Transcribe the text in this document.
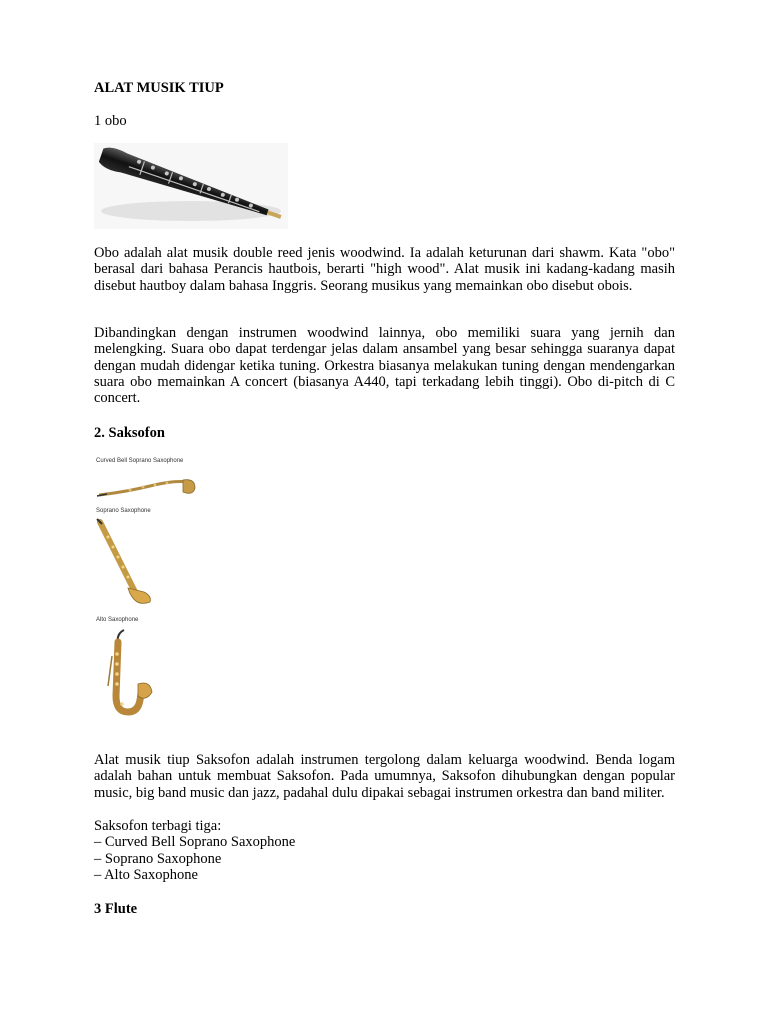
ALAT MUSIK TIUP
1 obo
Obo adalah alat musik double reed jenis woodwind. Ia adalah keturunan dari shawm. Kata "obo" berasal dari bahasa Perancis hautbois, berarti "high wood". Alat musik ini kadang-kadang masih disebut hautboy dalam bahasa Inggris. Seorang musikus yang memainkan obo disebut obois.
Dibandingkan dengan instrumen woodwind lainnya, obo memiliki suara yang jernih dan melengking. Suara obo dapat terdengar jelas dalam ansambel yang besar sehingga suaranya dapat dengan mudah didengar ketika tuning. Orkestra biasanya melakukan tuning dengan mendengarkan suara obo memainkan A concert (biasanya A440, tapi terkadang lebih tinggi). Obo di-pitch di C concert.
2. Saksofon
Curved Bell Soprano Saxophone
Soprano Saxophone
Alto Saxophone
Alat musik tiup Saksofon adalah instrumen tergolong dalam keluarga woodwind. Benda logam adalah bahan untuk membuat Saksofon. Pada umumnya, Saksofon dihubungkan dengan popular music, big band music dan jazz, padahal dulu dipakai sebagai instrumen orkestra dan band militer.
Saksofon terbagi tiga:
– Curved Bell Soprano Saxophone
– Soprano Saxophone
– Alto Saxophone
3 Flute
